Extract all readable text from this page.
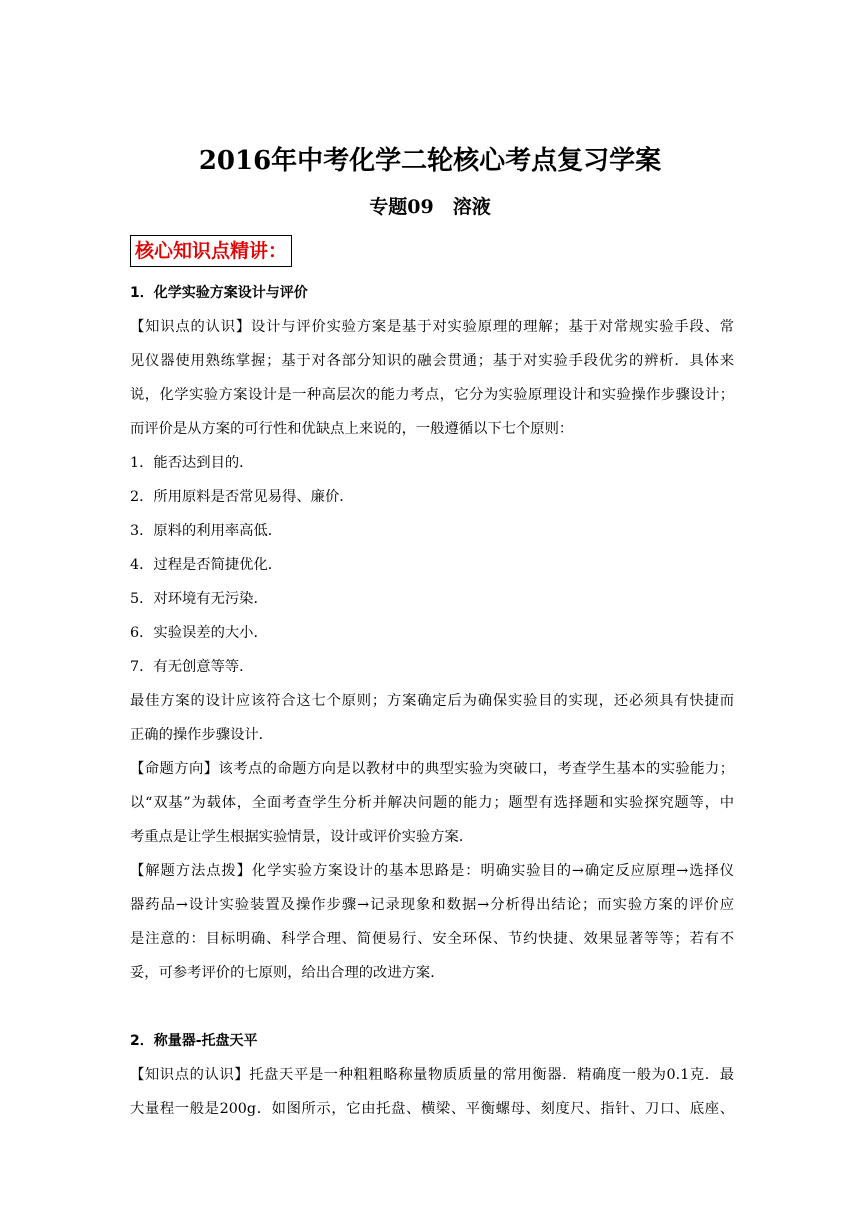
2016年中考化学二轮核心考点复习学案
专题09　溶液
核心知识点精讲：
1．化学实验方案设计与评价
【知识点的认识】设计与评价实验方案是基于对实验原理的理解；基于对常规实验手段、常
见仪器使用熟练掌握；基于对各部分知识的融会贯通；基于对实验手段优劣的辨析．具体来
说，化学实验方案设计是一种高层次的能力考点，它分为实验原理设计和实验操作步骤设计；
而评价是从方案的可行性和优缺点上来说的，一般遵循以下七个原则：
1．能否达到目的．
2．所用原料是否常见易得、廉价．
3．原料的利用率高低．
4．过程是否简捷优化．
5．对环境有无污染．
6．实验误差的大小．
7．有无创意等等．
最佳方案的设计应该符合这七个原则；方案确定后为确保实验目的实现，还必须具有快捷而
正确的操作步骤设计．
【命题方向】该考点的命题方向是以教材中的典型实验为突破口，考查学生基本的实验能力；
以“双基”为载体，全面考查学生分析并解决问题的能力；题型有选择题和实验探究题等，中
考重点是让学生根据实验情景，设计或评价实验方案．
【解题方法点拨】化学实验方案设计的基本思路是：明确实验目的→确定反应原理→选择仪
器药品→设计实验装置及操作步骤→记录现象和数据→分析得出结论；而实验方案的评价应
是注意的：目标明确、科学合理、简便易行、安全环保、节约快捷、效果显著等等；若有不
妥，可参考评价的七原则，给出合理的改进方案．
2．称量器-托盘天平
【知识点的认识】托盘天平是一种粗粗略称量物质质量的常用衡器．精确度一般为0.1克．最
大量程一般是200g．如图所示，它由托盘、横梁、平衡螺母、刻度尺、指针、刀口、底座、
